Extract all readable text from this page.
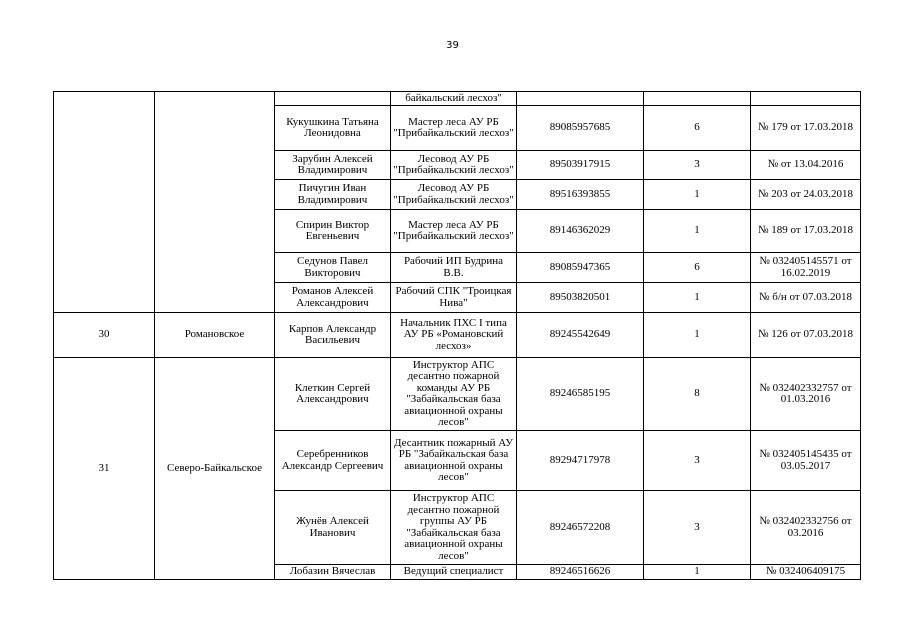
39
			байкальский лесхоз"			
		Кукушкина Татьяна Леонидовна	Мастер леса АУ РБ "Прибайкальский лесхоз"	89085957685	6	№ 179 от 17.03.2018
		Зарубин Алексей Владимирович	Лесовод АУ РБ "Прибайкальский лесхоз"	89503917915	3	№ от 13.04.2016
		Пичугин Иван Владимирович	Лесовод АУ РБ "Прибайкальский лесхоз"	89516393855	1	№ 203 от 24.03.2018
		Спирин Виктор Евгеньевич	Мастер леса АУ РБ "Прибайкальский лесхоз"	89146362029	1	№ 189 от 17.03.2018
		Седунов Павел Викторович	Рабочий ИП Будрина В.В.	89085947365	6	№ 032405145571 от 16.02.2019
		Романов Алексей Александрович	Рабочий СПК "Троицкая Нива"	89503820501	1	№ б/н от 07.03.2018
30	Романовское	Карпов Александр Васильевич	Начальник ПХС I типа АУ РБ «Романовский лесхоз»	89245542649	1	№ 126 от 07.03.2018
31	Северо-Байкальское	Клеткин Сергей Александрович	Инструктор АПС десантно пожарной команды АУ РБ "Забайкальская база авиационной охраны лесов"	89246585195	8	№ 032402332757 от 01.03.2016
		Серебренников Александр Сергеевич	Десантник пожарный АУ РБ "Забайкальская база авиационной охраны лесов"	89294717978	3	№ 032405145435 от 03.05.2017
		Жунёв Алексей Иванович	Инструктор АПС десантно пожарной группы АУ РБ "Забайкальская база авиационной охраны лесов"	89246572208	3	№ 032402332756 от 03.2016
		Лобазин Вячеслав	Ведущий специалист	89246516626	1	№ 032406409175
